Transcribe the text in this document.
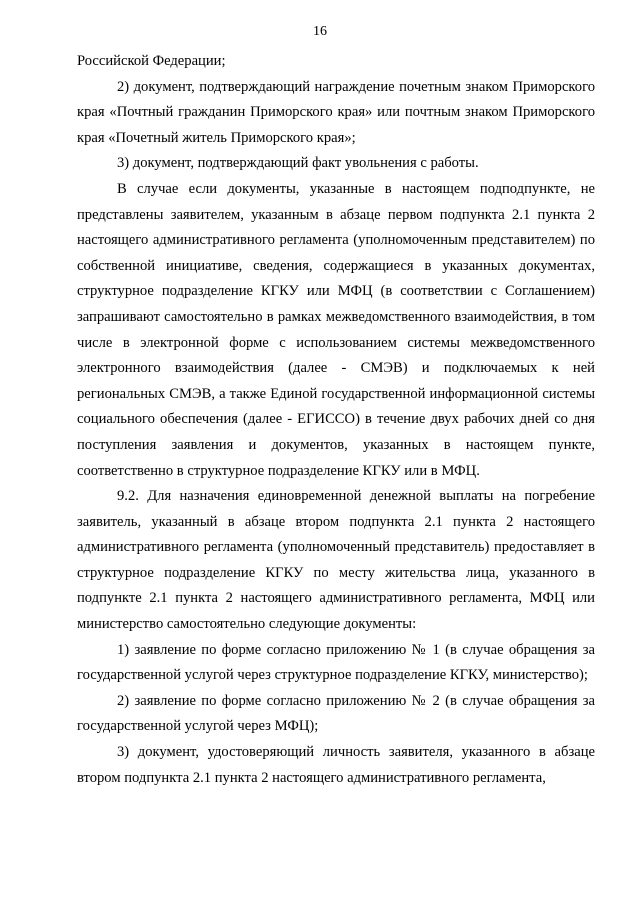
16

Российской Федерации;

2) документ, подтверждающий награждение почетным знаком Приморского края «Почтный гражданин Приморского края» или почтным знаком Приморского края «Почетный житель Приморского края»;

3) документ, подтверждающий факт увольнения с работы.

В случае если документы, указанные в настоящем подподпункте, не представлены заявителем, указанным в абзаце первом подпункта 2.1 пункта 2 настоящего административного регламента (уполномоченным представителем) по собственной инициативе, сведения, содержащиеся в указанных документах, структурное подразделение КГКУ или МФЦ (в соответствии с Соглашением) запрашивают самостоятельно в рамках межведомственного взаимодействия, в том числе в электронной форме с использованием системы межведомственного электронного взаимодействия (далее - СМЭВ) и подключаемых к ней региональных СМЭВ, а также Единой государственной информационной системы социального обеспечения (далее - ЕГИССО) в течение двух рабочих дней со дня поступления заявления и документов, указанных в настоящем пункте, соответственно в структурное подразделение КГКУ или в МФЦ.

9.2. Для назначения единовременной денежной выплаты на погребение заявитель, указанный в абзаце втором подпункта 2.1 пункта 2 настоящего административного регламента (уполномоченный представитель) предоставляет в структурное подразделение КГКУ по месту жительства лица, указанного в подпункте 2.1 пункта 2 настоящего административного регламента, МФЦ или министерство самостоятельно следующие документы:

1) заявление по форме согласно приложению № 1 (в случае обращения за государственной услугой через структурное подразделение КГКУ, министерство);

2) заявление по форме согласно приложению № 2 (в случае обращения за государственной услугой через МФЦ);

3) документ, удостоверяющий личность заявителя, указанного в абзаце втором подпункта 2.1 пункта 2 настоящего административного регламента,
